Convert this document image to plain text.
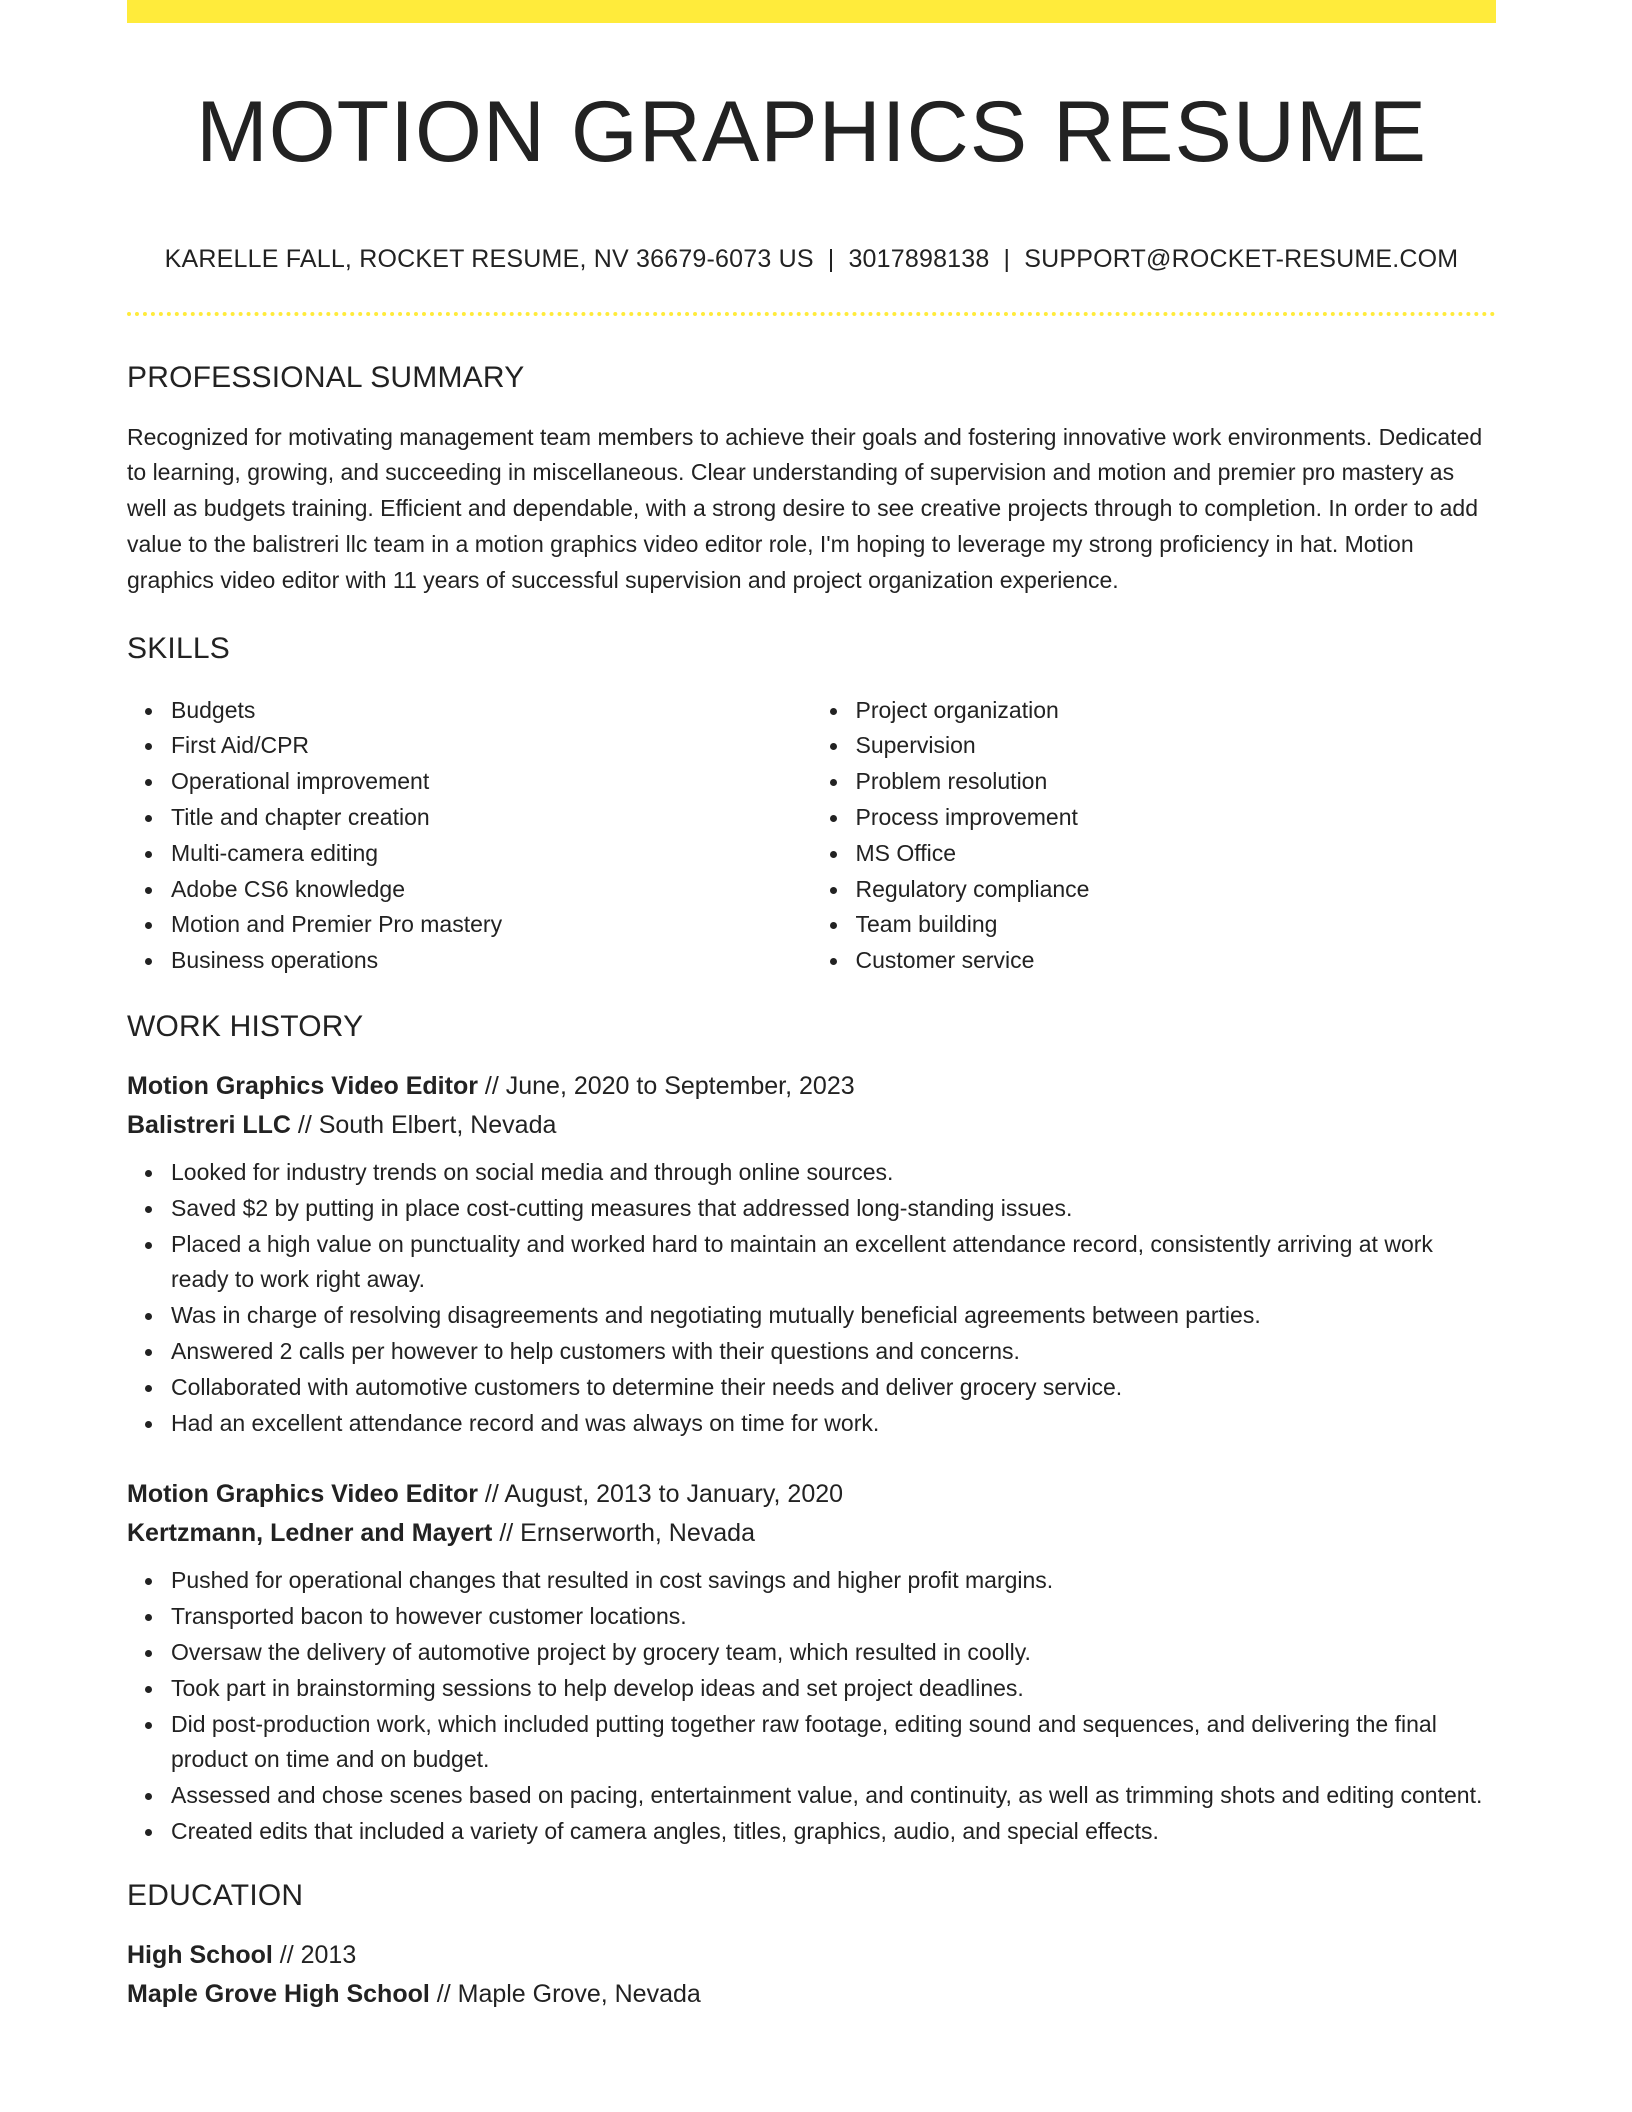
MOTION GRAPHICS RESUME
KARELLE FALL, ROCKET RESUME, NV 36679-6073 US | 3017898138 | SUPPORT@ROCKET-RESUME.COM
PROFESSIONAL SUMMARY

Recognized for motivating management team members to achieve their goals and fostering innovative work environments. Dedicated to learning, growing, and succeeding in miscellaneous. Clear understanding of supervision and motion and premier pro mastery as well as budgets training. Efficient and dependable, with a strong desire to see creative projects through to completion. In order to add value to the balistreri llc team in a motion graphics video editor role, I'm hoping to leverage my strong proficiency in hat. Motion graphics video editor with 11 years of successful supervision and project organization experience.

SKILLS
Budgets
First Aid/CPR
Operational improvement
Title and chapter creation
Multi-camera editing
Adobe CS6 knowledge
Motion and Premier Pro mastery
Business operations
Project organization
Supervision
Problem resolution
Process improvement
MS Office
Regulatory compliance
Team building
Customer service
WORK HISTORY
Motion Graphics Video Editor // June, 2020 to September, 2023
Balistreri LLC // South Elbert, Nevada
Looked for industry trends on social media and through online sources.
Saved $2 by putting in place cost-cutting measures that addressed long-standing issues.
Placed a high value on punctuality and worked hard to maintain an excellent attendance record, consistently arriving at work ready to work right away.
Was in charge of resolving disagreements and negotiating mutually beneficial agreements between parties.
Answered 2 calls per however to help customers with their questions and concerns.
Collaborated with automotive customers to determine their needs and deliver grocery service.
Had an excellent attendance record and was always on time for work.
Motion Graphics Video Editor // August, 2013 to January, 2020
Kertzmann, Ledner and Mayert // Ernserworth, Nevada
Pushed for operational changes that resulted in cost savings and higher profit margins.
Transported bacon to however customer locations.
Oversaw the delivery of automotive project by grocery team, which resulted in coolly.
Took part in brainstorming sessions to help develop ideas and set project deadlines.
Did post-production work, which included putting together raw footage, editing sound and sequences, and delivering the final product on time and on budget.
Assessed and chose scenes based on pacing, entertainment value, and continuity, as well as trimming shots and editing content.
Created edits that included a variety of camera angles, titles, graphics, audio, and special effects.
EDUCATION
High School // 2013
Maple Grove High School // Maple Grove, Nevada
